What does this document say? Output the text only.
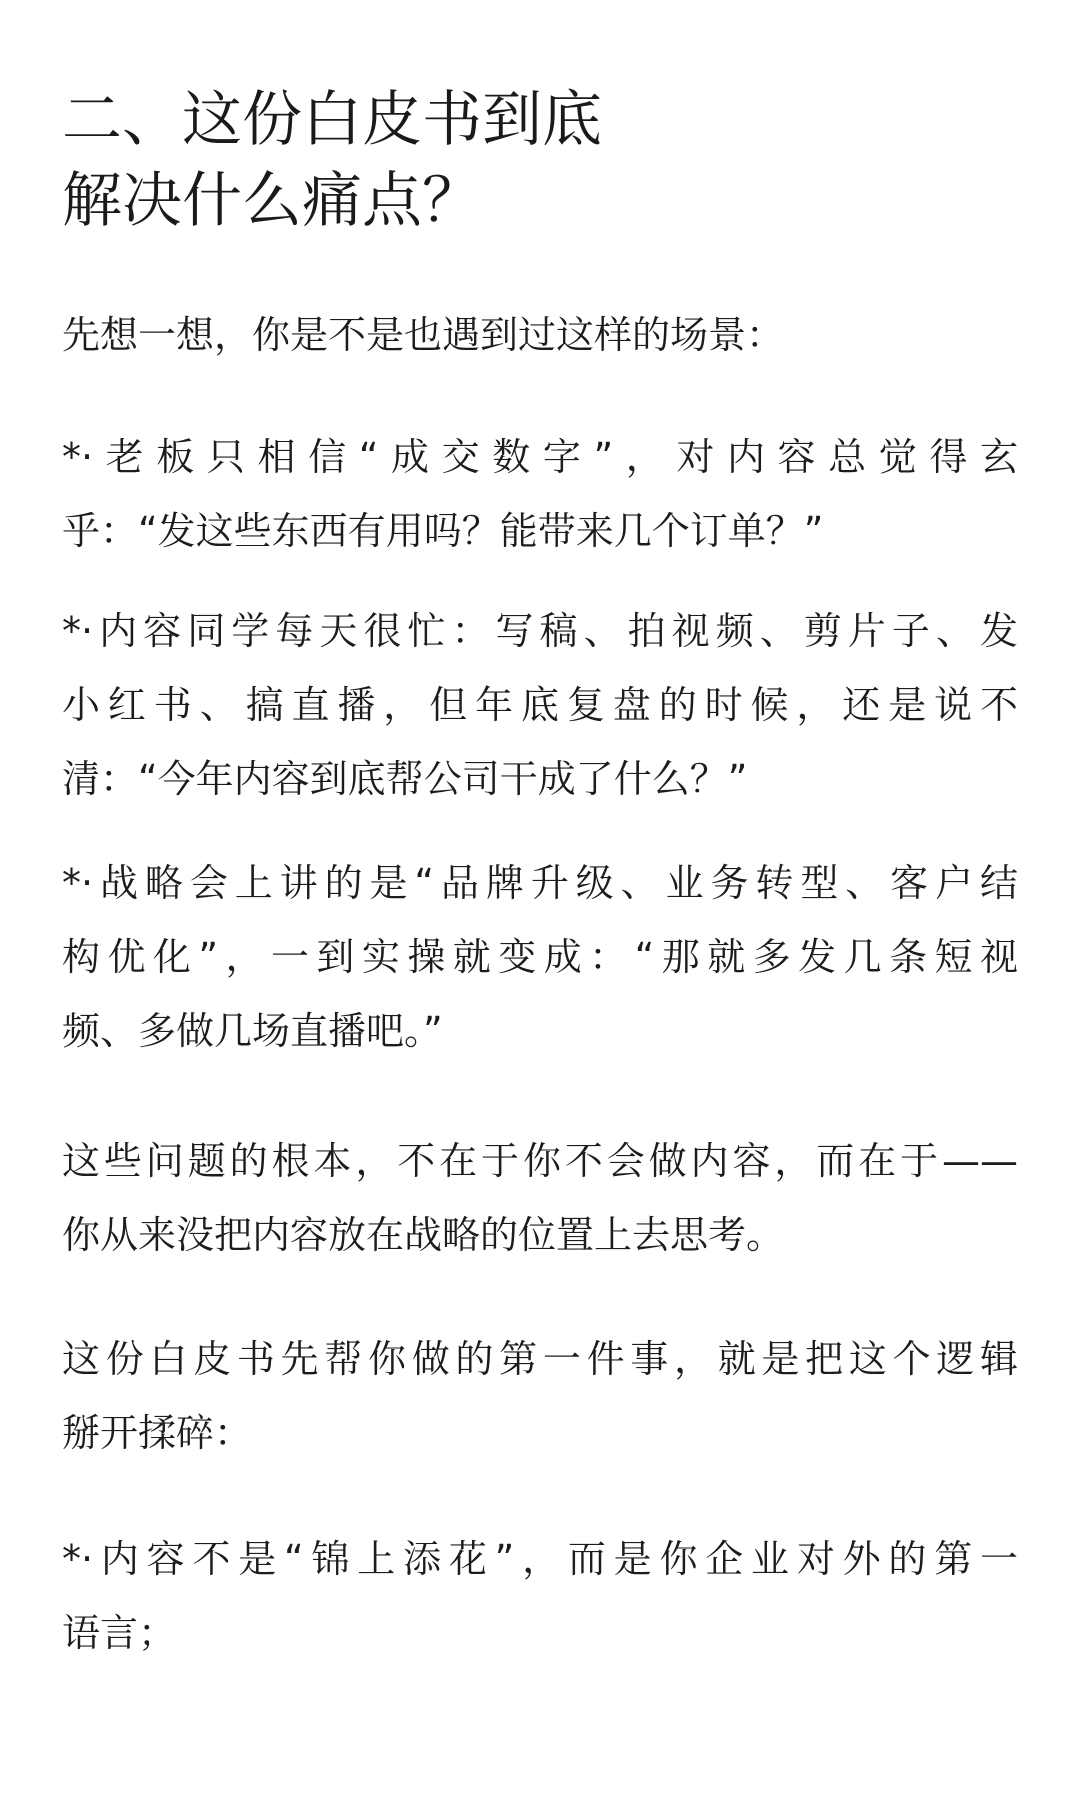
二、这份白皮书到底
解决什么痛点？

先想一想，你是不是也遇到过这样的场景：

*·老板只相信“成交数字”，对内容总觉得玄
乎：“发这些东西有用吗？能带来几个订单？”

*·内容同学每天很忙：写稿、拍视频、剪片子、发
小红书、搞直播，但年底复盘的时候，还是说不
清：“今年内容到底帮公司干成了什么？”

*·战略会上讲的是“品牌升级、业务转型、客户结
构优化”，一到实操就变成：“那就多发几条短视
频、多做几场直播吧。”

这些问题的根本，不在于你不会做内容，而在于——
你从来没把内容放在战略的位置上去思考。

这份白皮书先帮你做的第一件事，就是把这个逻辑
掰开揉碎：

*·内容不是“锦上添花”，而是你企业对外的第一
语言；
